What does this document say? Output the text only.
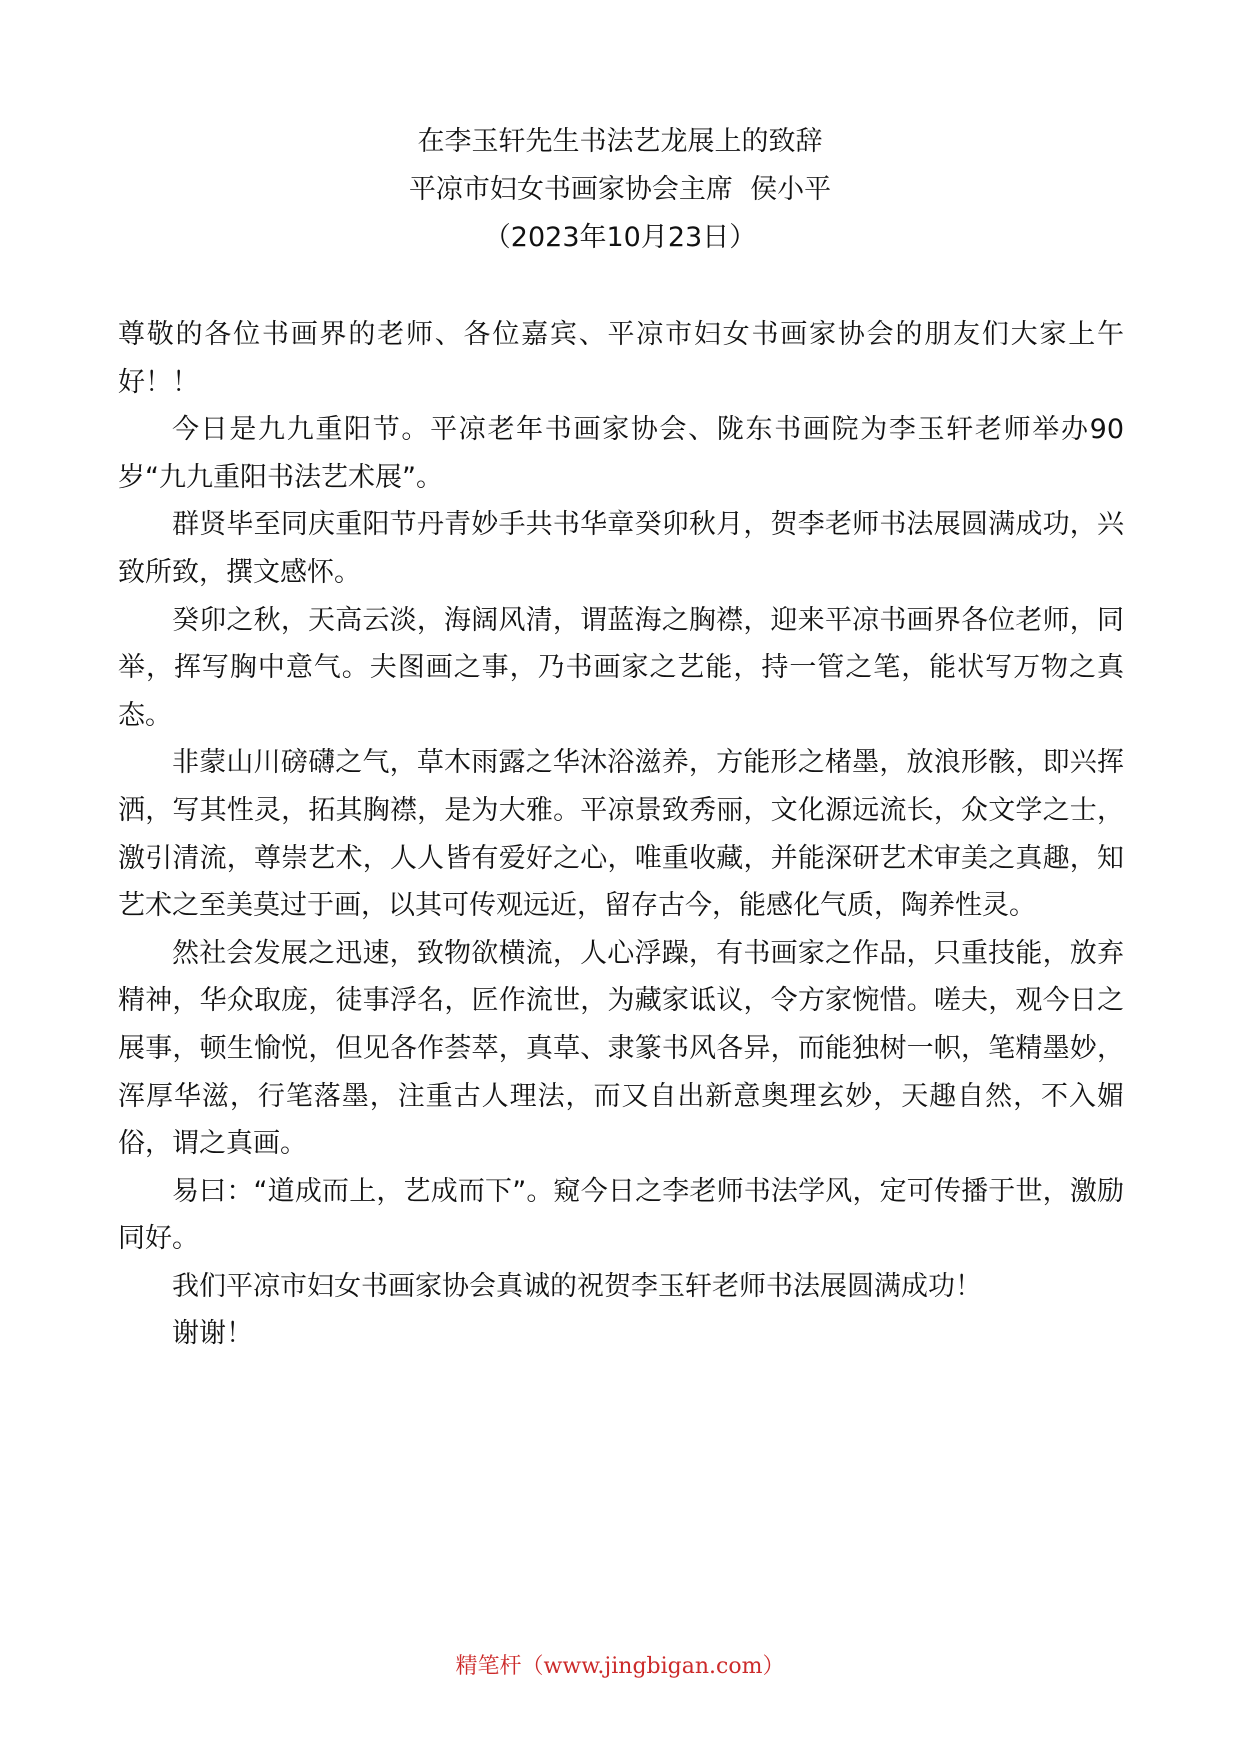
在李玉轩先生书法艺龙展上的致辞
平凉市妇女书画家协会主席  侯小平
（2023年10月23日）

尊敬的各位书画界的老师、各位嘉宾、平凉市妇女书画家协会的朋友们大家上午好！！

今日是九九重阳节。平凉老年书画家协会、陇东书画院为李玉轩老师举办90岁“九九重阳书法艺术展”。

群贤毕至同庆重阳节丹青妙手共书华章癸卯秋月，贺李老师书法展圆满成功，兴致所致，撰文感怀。

癸卯之秋，天高云淡，海阔风清，谓蓝海之胸襟，迎来平凉书画界各位老师，同举，挥写胸中意气。夫图画之事，乃书画家之艺能，持一管之笔，能状写万物之真态。

非蒙山川磅礴之气，草木雨露之华沐浴滋养，方能形之楮墨，放浪形骸，即兴挥洒，写其性灵，拓其胸襟，是为大雅。平凉景致秀丽，文化源远流长，众文学之士，激引清流，尊崇艺术，人人皆有爱好之心，唯重收藏，并能深研艺术审美之真趣，知艺术之至美莫过于画，以其可传观远近，留存古今，能感化气质，陶养性灵。

然社会发展之迅速，致物欲横流，人心浮躁，有书画家之作品，只重技能，放弃精神，华众取庞，徒事浮名，匠作流世，为藏家诋议，令方家惋惜。嗟夫，观今日之展事，顿生愉悦，但见各作荟萃，真草、隶篆书风各异，而能独树一帜，笔精墨妙，浑厚华滋，行笔落墨，注重古人理法，而又自出新意奥理玄妙，天趣自然，不入媚俗，谓之真画。

易曰：“道成而上，艺成而下”。窥今日之李老师书法学风，定可传播于世，激励同好。

我们平凉市妇女书画家协会真诚的祝贺李玉轩老师书法展圆满成功！

谢谢！

精笔杆（www.jingbigan.com）
